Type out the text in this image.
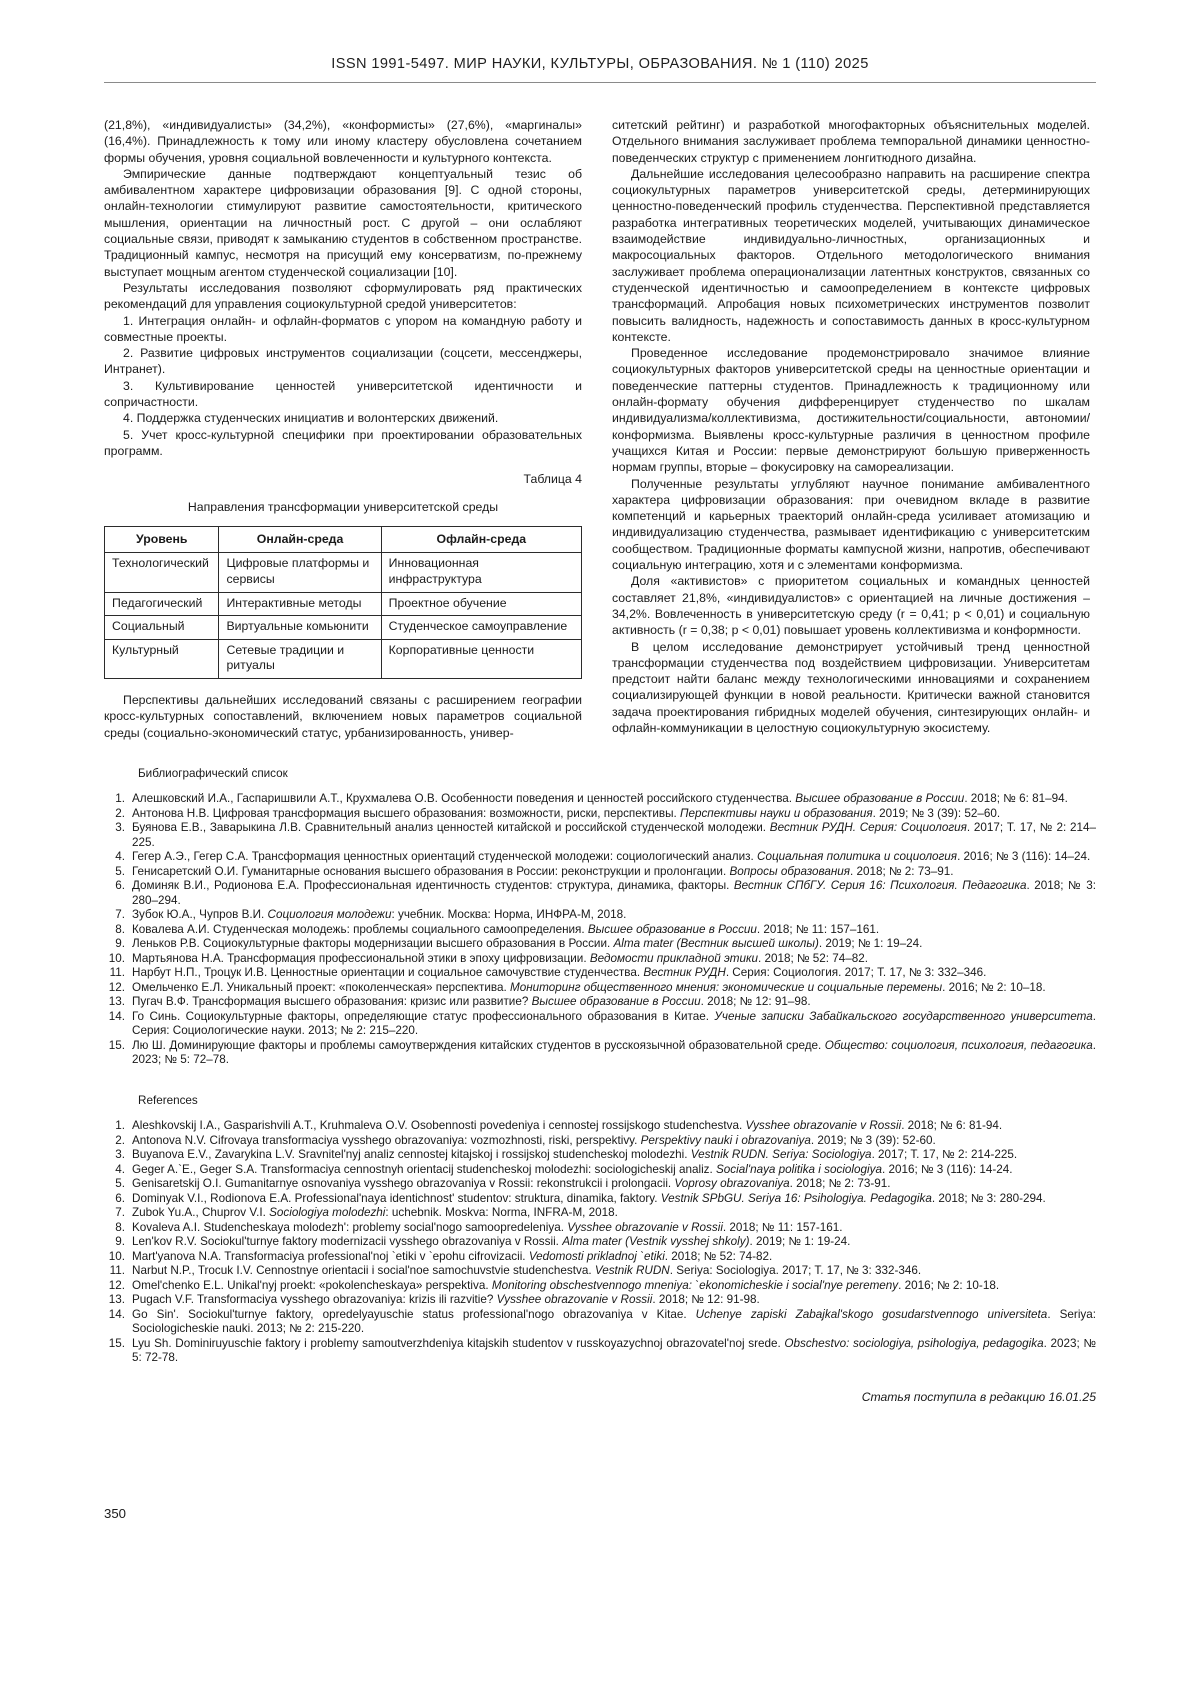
ISSN 1991-5497. МИР НАУКИ, КУЛЬТУРЫ, ОБРАЗОВАНИЯ. № 1 (110) 2025

(21,8%), «индивидуалисты» (34,2%), «конформисты» (27,6%), «маргиналы» (16,4%). Принадлежность к тому или иному кластеру обусловлена сочетанием формы обучения, уровня социальной вовлеченности и культурного контекста.

Эмпирические данные подтверждают концептуальный тезис об амбивалентном характере цифровизации образования [9]. С одной стороны, онлайн-технологии стимулируют развитие самостоятельности, критического мышления, ориентации на личностный рост. С другой – они ослабляют социальные связи, приводят к замыканию студентов в собственном пространстве. Традиционный кампус, несмотря на присущий ему консерватизм, по-прежнему выступает мощным агентом студенческой социализации [10].

Результаты исследования позволяют сформулировать ряд практических рекомендаций для управления социокультурной средой университетов:

1. Интеграция онлайн- и офлайн-форматов с упором на командную работу и совместные проекты.

2. Развитие цифровых инструментов социализации (соцсети, мессенджеры, Интранет).

3. Культивирование ценностей университетской идентичности и сопричастности.

4. Поддержка студенческих инициатив и волонтерских движений.

5. Учет кросс-культурной специфики при проектировании образовательных программ.

Таблица 4
Направления трансформации университетской среды
Уровень	Онлайн-среда	Офлайн-среда
Технологический	Цифровые платформы и сервисы	Инновационная инфраструктура
Педагогический	Интерактивные методы	Проектное обучение
Социальный	Виртуальные комьюнити	Студенческое самоуправление
Культурный	Сетевые традиции и ритуалы	Корпоративные ценности

Перспективы дальнейших исследований связаны с расширением географии кросс-культурных сопоставлений, включением новых параметров социальной среды (социально-экономический статус, урбанизированность, универ-

ситетский рейтинг) и разработкой многофакторных объяснительных моделей. Отдельного внимания заслуживает проблема темпоральной динамики ценностно-поведенческих структур с применением лонгитюдного дизайна.

Дальнейшие исследования целесообразно направить на расширение спектра социокультурных параметров университетской среды, детерминирующих ценностно-поведенческий профиль студенчества. Перспективной представляется разработка интегративных теоретических моделей, учитывающих динамическое взаимодействие индивидуально-личностных, организационных и макросоциальных факторов. Отдельного методологического внимания заслуживает проблема операционализации латентных конструктов, связанных со студенческой идентичностью и самоопределением в контексте цифровых трансформаций. Апробация новых психометрических инструментов позволит повысить валидность, надежность и сопоставимость данных в кросс-культурном контексте.

Проведенное исследование продемонстрировало значимое влияние социокультурных факторов университетской среды на ценностные ориентации и поведенческие паттерны студентов. Принадлежность к традиционному или онлайн-формату обучения дифференцирует студенчество по шкалам индивидуализма/коллективизма, достижительности/социальности, автономии/конформизма. Выявлены кросс-культурные различия в ценностном профиле учащихся Китая и России: первые демонстрируют большую приверженность нормам группы, вторые – фокусировку на самореализации.

Полученные результаты углубляют научное понимание амбивалентного характера цифровизации образования: при очевидном вкладе в развитие компетенций и карьерных траекторий онлайн-среда усиливает атомизацию и индивидуализацию студенчества, размывает идентификацию с университетским сообществом. Традиционные форматы кампусной жизни, напротив, обеспечивают социальную интеграцию, хотя и с элементами конформизма.

Доля «активистов» с приоритетом социальных и командных ценностей составляет 21,8%, «индивидуалистов» с ориентацией на личные достижения – 34,2%. Вовлеченность в университетскую среду (r = 0,41; p < 0,01) и социальную активность (r = 0,38; p < 0,01) повышает уровень коллективизма и конформности.

В целом исследование демонстрирует устойчивый тренд ценностной трансформации студенчества под воздействием цифровизации. Университетам предстоит найти баланс между технологическими инновациями и сохранением социализирующей функции в новой реальности. Критически важной становится задача проектирования гибридных моделей обучения, синтезирующих онлайн- и офлайн-коммуникации в целостную социокультурную экосистему.

Библиографический список
1. Алешковский И.А., Гаспаришвили А.Т., Крухмалева О.В. Особенности поведения и ценностей российского студенчества. Высшее образование в России. 2018; № 6: 81–94.
2. Антонова Н.В. Цифровая трансформация высшего образования: возможности, риски, перспективы. Перспективы науки и образования. 2019; № 3 (39): 52–60.
3. Буянова Е.В., Заварыкина Л.В. Сравнительный анализ ценностей китайской и российской студенческой молодежи. Вестник РУДН. Серия: Социология. 2017; Т. 17, № 2: 214–225.
4. Гегер А.Э., Гегер С.А. Трансформация ценностных ориентаций студенческой молодежи: социологический анализ. Социальная политика и социология. 2016; № 3 (116): 14–24.
5. Генисаретский О.И. Гуманитарные основания высшего образования в России: реконструкции и пролонгации. Вопросы образования. 2018; № 2: 73–91.
6. Доминяк В.И., Родионова Е.А. Профессиональная идентичность студентов: структура, динамика, факторы. Вестник СПбГУ. Серия 16: Психология. Педагогика. 2018; № 3: 280–294.
7. Зубок Ю.А., Чупров В.И. Социология молодежи: учебник. Москва: Норма, ИНФРА-М, 2018.
8. Ковалева А.И. Студенческая молодежь: проблемы социального самоопределения. Высшее образование в России. 2018; № 11: 157–161.
9. Леньков Р.В. Социокультурные факторы модернизации высшего образования в России. Alma mater (Вестник высшей школы). 2019; № 1: 19–24.
10. Мартьянова Н.А. Трансформация профессиональной этики в эпоху цифровизации. Ведомости прикладной этики. 2018; № 52: 74–82.
11. Нарбут Н.П., Троцук И.В. Ценностные ориентации и социальное самочувствие студенчества. Вестник РУДН. Серия: Социология. 2017; Т. 17, № 3: 332–346.
12. Омельченко Е.Л. Уникальный проект: «поколенческая» перспектива. Мониторинг общественного мнения: экономические и социальные перемены. 2016; № 2: 10–18.
13. Пугач В.Ф. Трансформация высшего образования: кризис или развитие? Высшее образование в России. 2018; № 12: 91–98.
14. Го Синь. Социокультурные факторы, определяющие статус профессионального образования в Китае. Ученые записки Забайкальского государственного университета. Серия: Социологические науки. 2013; № 2: 215–220.
15. Лю Ш. Доминирующие факторы и проблемы самоутверждения китайских студентов в русскоязычной образовательной среде. Общество: социология, психология, педагогика. 2023; № 5: 72–78.
References
1. Aleshkovskij I.A., Gasparishvili A.T., Kruhmaleva O.V. Osobennosti povedeniya i cennostej rossijskogo studenchestva. Vysshee obrazovanie v Rossii. 2018; № 6: 81-94.
2. Antonova N.V. Cifrovaya transformaciya vysshego obrazovaniya: vozmozhnosti, riski, perspektivy. Perspektivy nauki i obrazovaniya. 2019; № 3 (39): 52-60.
3. Buyanova E.V., Zavarykina L.V. Sravnitel'nyj analiz cennostej kitajskoj i rossijskoj studencheskoj molodezhi. Vestnik RUDN. Seriya: Sociologiya. 2017; T. 17, № 2: 214-225.
4. Geger A.`E., Geger S.A. Transformaciya cennostnyh orientacij studencheskoj molodezhi: sociologicheskij analiz. Social'naya politika i sociologiya. 2016; № 3 (116): 14-24.
5. Genisaretskij O.I. Gumanitarnye osnovaniya vysshego obrazovaniya v Rossii: rekonstrukcii i prolongacii. Voprosy obrazovaniya. 2018; № 2: 73-91.
6. Dominyak V.I., Rodionova E.A. Professional'naya identichnost' studentov: struktura, dinamika, faktory. Vestnik SPbGU. Seriya 16: Psihologiya. Pedagogika. 2018; № 3: 280-294.
7. Zubok Yu.A., Chuprov V.I. Sociologiya molodezhi: uchebnik. Moskva: Norma, INFRA-M, 2018.
8. Kovaleva A.I. Studencheskaya molodezh': problemy social'nogo samoopredeleniya. Vysshee obrazovanie v Rossii. 2018; № 11: 157-161.
9. Len'kov R.V. Sociokul'turnye faktory modernizacii vysshego obrazovaniya v Rossii. Alma mater (Vestnik vysshej shkoly). 2019; № 1: 19-24.
10. Mart'yanova N.A. Transformaciya professional'noj `etiki v `epohu cifrovizacii. Vedomosti prikladnoj `etiki. 2018; № 52: 74-82.
11. Narbut N.P., Trocuk I.V. Cennostnye orientacii i social'noe samochuvstvie studenchestva. Vestnik RUDN. Seriya: Sociologiya. 2017; T. 17, № 3: 332-346.
12. Omel'chenko E.L. Unikal'nyj proekt: «pokolencheskaya» perspektiva. Monitoring obschestvennogo mneniya: `ekonomicheskie i social'nye peremeny. 2016; № 2: 10-18.
13. Pugach V.F. Transformaciya vysshego obrazovaniya: krizis ili razvitie? Vysshee obrazovanie v Rossii. 2018; № 12: 91-98.
14. Go Sin'. Sociokul'turnye faktory, opredelyayuschie status professional'nogo obrazovaniya v Kitae. Uchenye zapiski Zabajkal'skogo gosudarstvennogo universiteta. Seriya: Sociologicheskie nauki. 2013; № 2: 215-220.
15. Lyu Sh. Dominiruyuschie faktory i problemy samoutverzhdeniya kitajskih studentov v russkoyazychnoj obrazovatel'noj srede. Obschestvo: sociologiya, psihologiya, pedagogika. 2023; № 5: 72-78.
Статья поступила в редакцию 16.01.25
350
